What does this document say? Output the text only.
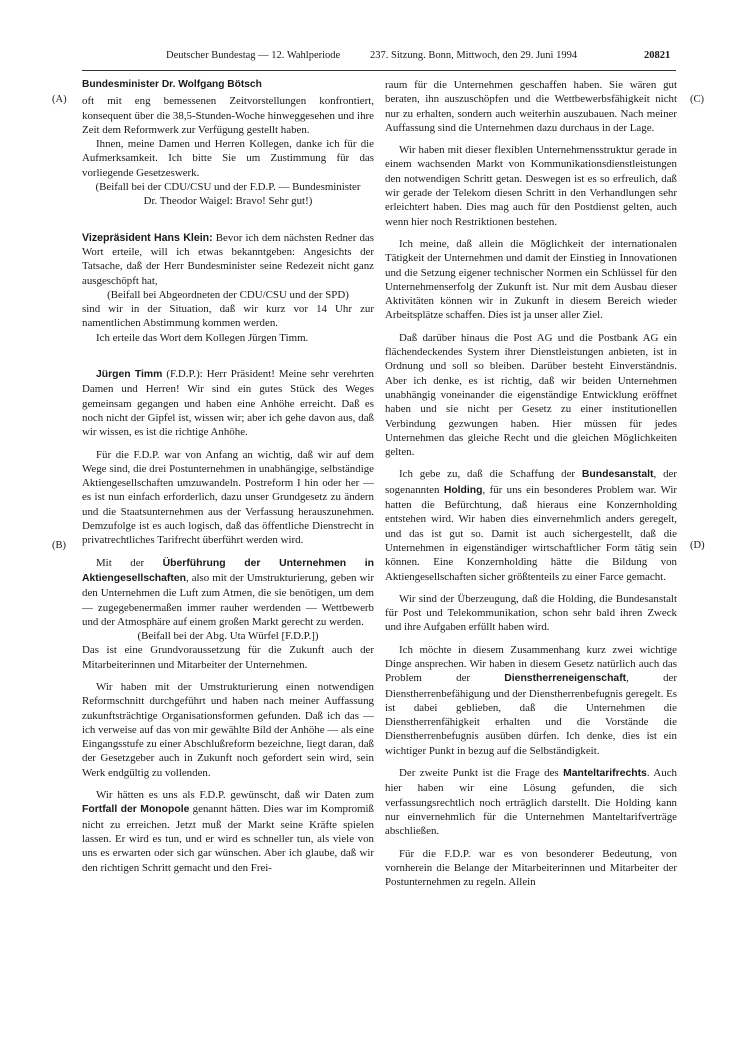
Deutscher Bundestag — 12. Wahlperiode	237. Sitzung. Bonn, Mittwoch, den 29. Juni 1994	20821
(A)
(B)
(C)
(D)

Bundesminister Dr. Wolfgang Bötsch

oft mit eng bemessenen Zeitvorstellungen konfrontiert, konsequent über die 38,5-Stunden-Woche hinweggesehen und ihre Zeit dem Reformwerk zur Verfügung gestellt haben.

Ihnen, meine Damen und Herren Kollegen, danke ich für die Aufmerksamkeit. Ich bitte Sie um Zustimmung für das vorliegende Gesetzeswerk.

(Beifall bei der CDU/CSU und der F.D.P. — Bundesminister Dr. Theodor Waigel: Bravo! Sehr gut!)

Vizepräsident Hans Klein: Bevor ich dem nächsten Redner das Wort erteile, will ich etwas bekanntgeben: Angesichts der Tatsache, daß der Herr Bundesminister seine Redezeit nicht ganz ausgeschöpft hat,

(Beifall bei Abgeordneten der CDU/CSU und der SPD)

sind wir in der Situation, daß wir kurz vor 14 Uhr zur namentlichen Abstimmung kommen werden.

Ich erteile das Wort dem Kollegen Jürgen Timm.

Jürgen Timm (F.D.P.): Herr Präsident! Meine sehr verehrten Damen und Herren! Wir sind ein gutes Stück des Weges gemeinsam gegangen und haben eine Anhöhe erreicht. Daß es noch nicht der Gipfel ist, wissen wir; aber ich gehe davon aus, daß wir wissen, es ist die richtige Anhöhe.

Für die F.D.P. war von Anfang an wichtig, daß wir auf dem Wege sind, die drei Postunternehmen in unabhängige, selbständige Aktiengesellschaften umzuwandeln. Postreform I hin oder her — es ist nun einfach erforderlich, dazu unser Grundgesetz zu ändern und die Staatsunternehmen aus der Verfassung herauszunehmen. Demzufolge ist es auch logisch, daß das öffentliche Dienstrecht in privatrechtliches Tarifrecht überführt werden wird.

Mit der Überführung der Unternehmen in Aktiengesellschaften, also mit der Umstrukturierung, geben wir den Unternehmen die Luft zum Atmen, die sie benötigen, um dem — zugegebenermaßen immer rauher werdenden — Wettbewerb und der Atmosphäre auf einem großen Markt gerecht zu werden.

(Beifall bei der Abg. Uta Würfel [F.D.P.])

Das ist eine Grundvoraussetzung für die Zukunft auch der Mitarbeiterinnen und Mitarbeiter der Unternehmen.

Wir haben mit der Umstrukturierung einen notwendigen Reformschnitt durchgeführt und haben nach meiner Auffassung zukunftsträchtige Organisationsformen gefunden. Daß ich das — ich verweise auf das von mir gewählte Bild der Anhöhe — als eine Eingangsstufe zu einer Abschlußreform bezeichne, liegt daran, daß der Gesetzgeber auch in Zukunft noch gefordert sein wird, sein Werk endgültig zu vollenden.

Wir hätten es uns als F.D.P. gewünscht, daß wir Daten zum Fortfall der Monopole genannt hätten. Dies war im Kompromiß nicht zu erreichen. Jetzt muß der Markt seine Kräfte spielen lassen. Er wird es tun, und er wird es schneller tun, als viele von uns es erwarten oder sich gar wünschen. Aber ich glaube, daß wir den richtigen Schritt gemacht und den Frei-

raum für die Unternehmen geschaffen haben. Sie wären gut beraten, ihn auszuschöpfen und die Wettbewerbsfähigkeit nicht nur zu erhalten, sondern auch weiterhin auszubauen. Nach meiner Auffassung sind die Unternehmen dazu durchaus in der Lage.

Wir haben mit dieser flexiblen Unternehmensstruktur gerade in einem wachsenden Markt von Kommunikationsdienstleistungen den notwendigen Schritt getan. Deswegen ist es so erfreulich, daß wir gerade der Telekom diesen Schritt in den Verhandlungen sehr erleichtert haben. Dies mag auch für den Postdienst gelten, auch wenn hier noch Restriktionen bestehen.

Ich meine, daß allein die Möglichkeit der internationalen Tätigkeit der Unternehmen und damit der Einstieg in Innovationen und die Setzung eigener technischer Normen ein Schlüssel für den Unternehmenserfolg der Zukunft ist. Nur mit dem Ausbau dieser Aktivitäten können wir in Zukunft in diesem Bereich wieder Arbeitsplätze schaffen. Dies ist ja unser aller Ziel.

Daß darüber hinaus die Post AG und die Postbank AG ein flächendeckendes System ihrer Dienstleistungen anbieten, ist in Ordnung und soll so bleiben. Darüber besteht Einverständnis. Aber ich denke, es ist richtig, daß wir beiden Unternehmen unabhängig voneinander die eigenständige Entwicklung eröffnet haben und sie nicht per Gesetz zu einer institutionellen Verbindung gezwungen haben. Hier müssen für jedes Unternehmen das gleiche Recht und die gleichen Möglichkeiten gelten.

Ich gebe zu, daß die Schaffung der Bundesanstalt, der sogenannten Holding, für uns ein besonderes Problem war. Wir hatten die Befürchtung, daß hieraus eine Konzernholding entstehen wird. Wir haben dies einvernehmlich anders geregelt, und das ist gut so. Damit ist auch sichergestellt, daß die Unternehmen in eigenständiger wirtschaftlicher Form tätig sein können. Eine Konzernholding hätte die Bildung von Aktiengesellschaften sicher größtenteils zu einer Farce gemacht.

Wir sind der Überzeugung, daß die Holding, die Bundesanstalt für Post und Telekommunikation, schon sehr bald ihren Zweck und ihre Aufgaben erfüllt haben wird.

Ich möchte in diesem Zusammenhang kurz zwei wichtige Dinge ansprechen. Wir haben in diesem Gesetz natürlich auch das Problem der Dienstherreneigenschaft, der Dienstherrenbefähigung und der Dienstherrenbefugnis geregelt. Es ist dabei geblieben, daß die Unternehmen die Dienstherrenfähigkeit erhalten und die Vorstände die Dienstherrenbefugnis ausüben dürfen. Ich denke, dies ist ein wichtiger Punkt in bezug auf die Selbständigkeit.

Der zweite Punkt ist die Frage des Manteltarifrechts. Auch hier haben wir eine Lösung gefunden, die sich verfassungsrechtlich noch erträglich darstellt. Die Holding kann nur einvernehmlich für die Unternehmen Manteltarifverträge abschließen.

Für die F.D.P. war es von besonderer Bedeutung, von vornherein die Belange der Mitarbeiterinnen und Mitarbeiter der Postunternehmen zu regeln. Allein
